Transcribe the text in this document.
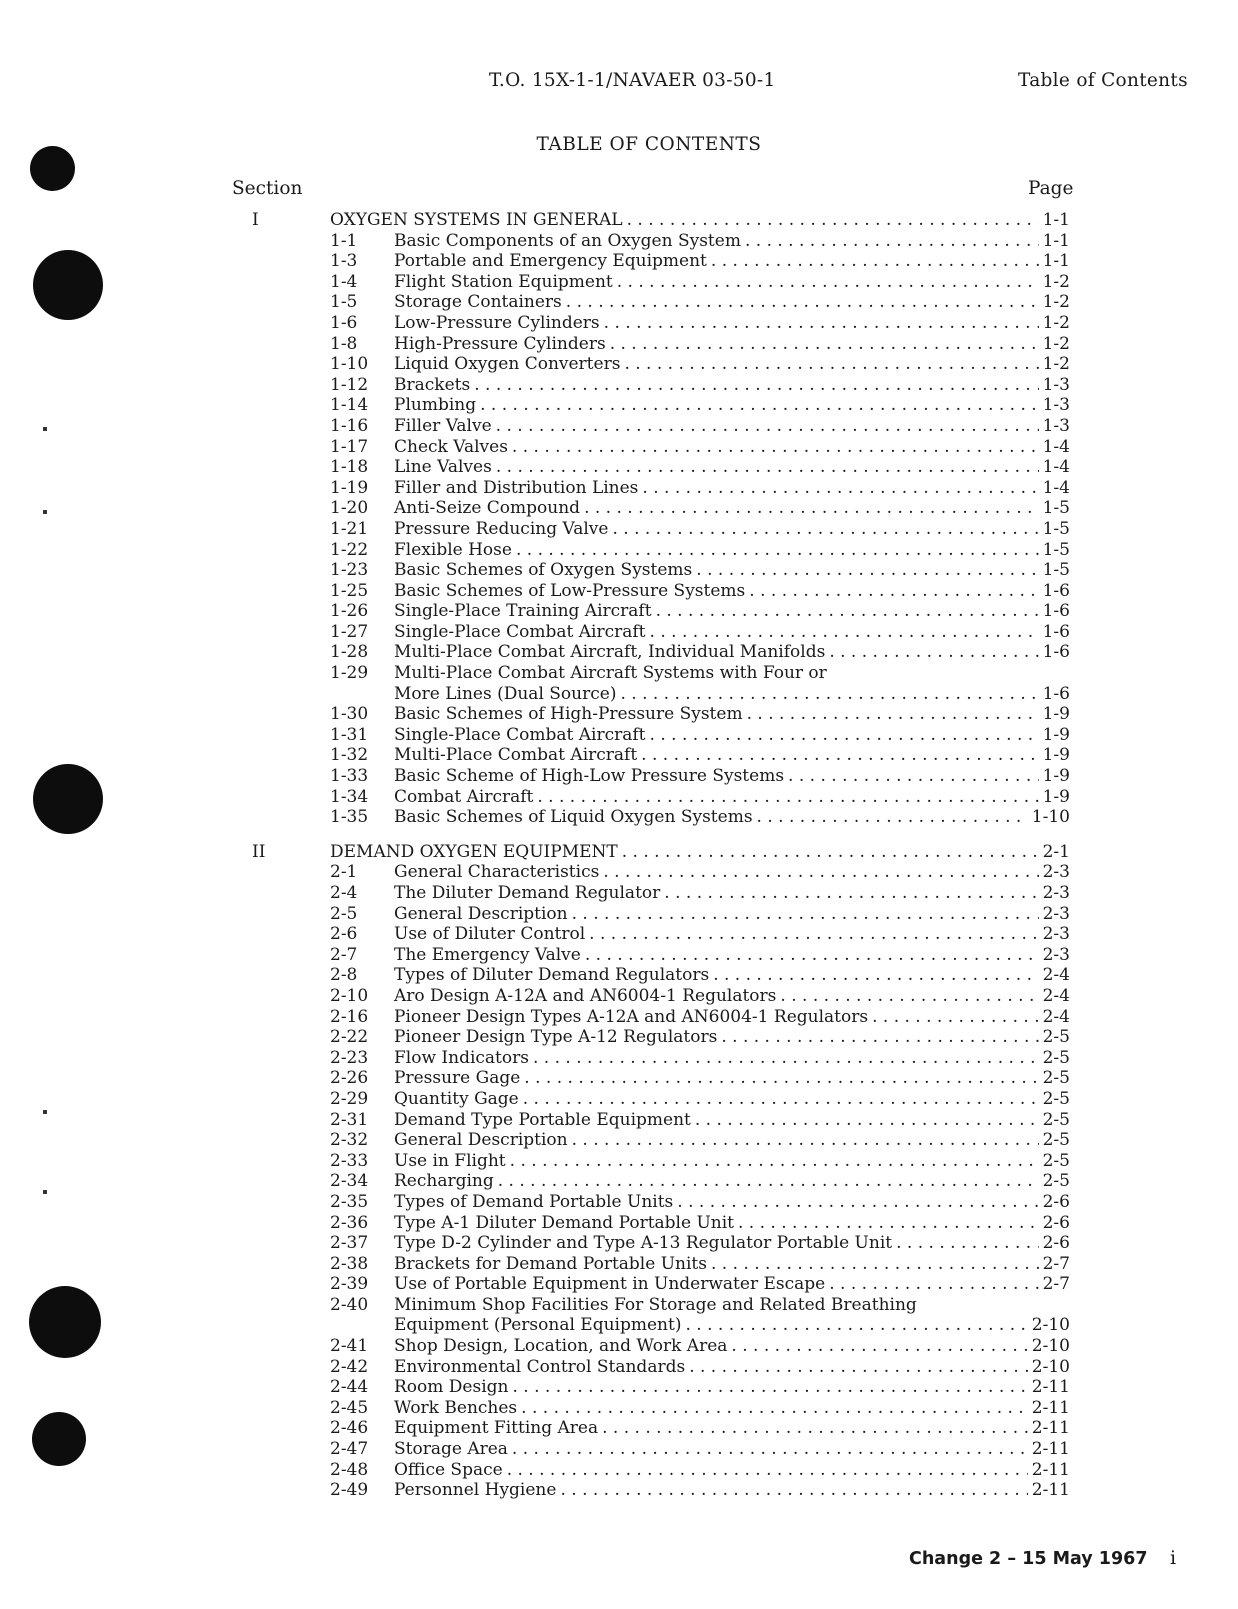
T.O. 15X-1-1/NAVAER 03-50-1	Table of Contents
TABLE OF CONTENTS
Section	Page
I	OXYGEN SYSTEMS IN GENERAL . . .	1-1
1-1 Basic Components of an Oxygen System . . .	1-1
1-3 Portable and Emergency Equipment . . .	1-1
1-4 Flight Station Equipment . . .	1-2
1-5 Storage Containers . . .	1-2
1-6 Low-Pressure Cylinders . . .	1-2
1-8 High-Pressure Cylinders . . .	1-2
1-10 Liquid Oxygen Converters . . .	1-2
1-12 Brackets . . .	1-3
1-14 Plumbing . . .	1-3
1-16 Filler Valve . . .	1-3
1-17 Check Valves . . .	1-4
1-18 Line Valves . . .	1-4
1-19 Filler and Distribution Lines . . .	1-4
1-20 Anti-Seize Compound . . .	1-5
1-21 Pressure Reducing Valve . . .	1-5
1-22 Flexible Hose . . .	1-5
1-23 Basic Schemes of Oxygen Systems . . .	1-5
1-25 Basic Schemes of Low-Pressure Systems . . .	1-6
1-26 Single-Place Training Aircraft . . .	1-6
1-27 Single-Place Combat Aircraft . . .	1-6
1-28 Multi-Place Combat Aircraft, Individual Manifolds . . .	1-6
1-29 Multi-Place Combat Aircraft Systems with Four or
More Lines (Dual Source) . . .	1-6
1-30 Basic Schemes of High-Pressure System . . .	1-9
1-31 Single-Place Combat Aircraft . . .	1-9
1-32 Multi-Place Combat Aircraft . . .	1-9
1-33 Basic Scheme of High-Low Pressure Systems . . .	1-9
1-34 Combat Aircraft . . .	1-9
1-35 Basic Schemes of Liquid Oxygen Systems . . .	1-10
II	DEMAND OXYGEN EQUIPMENT . . .	2-1
2-1 General Characteristics . . .	2-3
2-4 The Diluter Demand Regulator . . .	2-3
2-5 General Description . . .	2-3
2-6 Use of Diluter Control . . .	2-3
2-7 The Emergency Valve . . .	2-3
2-8 Types of Diluter Demand Regulators . . .	2-4
2-10 Aro Design A-12A and AN6004-1 Regulators . . .	2-4
2-16 Pioneer Design Types A-12A and AN6004-1 Regulators . . .	2-4
2-22 Pioneer Design Type A-12 Regulators . . .	2-5
2-23 Flow Indicators . . .	2-5
2-26 Pressure Gage . . .	2-5
2-29 Quantity Gage . . .	2-5
2-31 Demand Type Portable Equipment . . .	2-5
2-32 General Description . . .	2-5
2-33 Use in Flight . . .	2-5
2-34 Recharging . . .	2-5
2-35 Types of Demand Portable Units . . .	2-6
2-36 Type A-1 Diluter Demand Portable Unit . . .	2-6
2-37 Type D-2 Cylinder and Type A-13 Regulator Portable Unit . . .	2-6
2-38 Brackets for Demand Portable Units . . .	2-7
2-39 Use of Portable Equipment in Underwater Escape . . .	2-7
2-40 Minimum Shop Facilities For Storage and Related Breathing
Equipment (Personal Equipment) . . .	2-10
2-41 Shop Design, Location, and Work Area . . .	2-10
2-42 Environmental Control Standards . . .	2-10
2-44 Room Design . . .	2-11
2-45 Work Benches . . .	2-11
2-46 Equipment Fitting Area . . .	2-11
2-47 Storage Area . . .	2-11
2-48 Office Space . . .	2-11
2-49 Personnel Hygiene . . .	2-11
Change 2 – 15 May 1967 i
